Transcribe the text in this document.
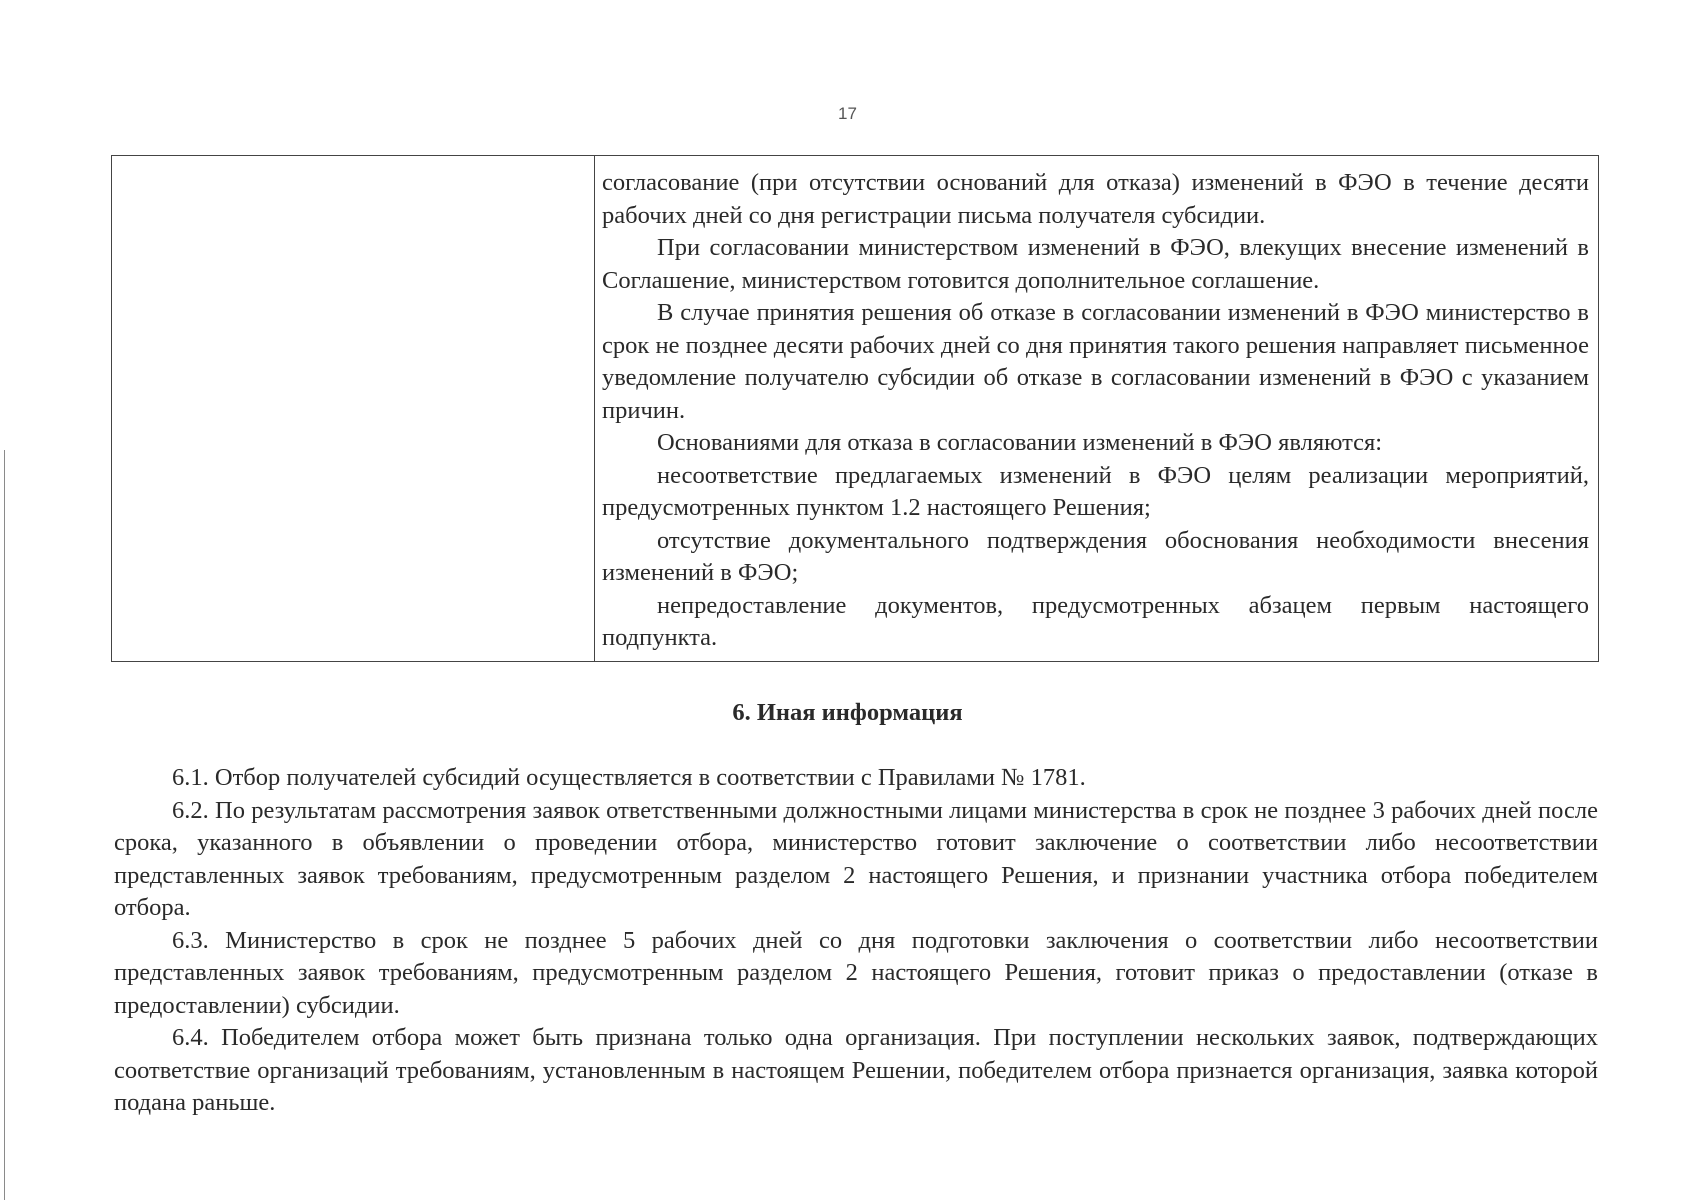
17

согласование (при отсутствии оснований для отказа) изменений в ФЭО в течение десяти рабочих дней со дня регистрации письма получателя субсидии.

При согласовании министерством изменений в ФЭО, влекущих внесение изменений в Соглашение, министерством готовится дополнительное соглашение.

В случае принятия решения об отказе в согласовании изменений в ФЭО министерство в срок не позднее десяти рабочих дней со дня принятия такого решения направляет письменное уведомление получателю субсидии об отказе в согласовании изменений в ФЭО с указанием причин.

Основаниями для отказа в согласовании изменений в ФЭО являются:

несоответствие предлагаемых изменений в ФЭО целям реализации мероприятий, предусмотренных пунктом 1.2 настоящего Решения;

отсутствие документального подтверждения обоснования необходимости внесения изменений в ФЭО;

непредоставление документов, предусмотренных абзацем первым настоящего подпункта.

6. Иная информация

6.1. Отбор получателей субсидий осуществляется в соответствии с Правилами № 1781.

6.2. По результатам рассмотрения заявок ответственными должностными лицами министерства в срок не позднее 3 рабочих дней после срока, указанного в объявлении о проведении отбора, министерство готовит заключение о соответствии либо несоответствии представленных заявок требованиям, предусмотренным разделом 2 настоящего Решения, и признании участника отбора победителем отбора.

6.3. Министерство в срок не позднее 5 рабочих дней со дня подготовки заключения о соответствии либо несоответствии представленных заявок требованиям, предусмотренным разделом 2 настоящего Решения, готовит приказ о предоставлении (отказе в предоставлении) субсидии.

6.4. Победителем отбора может быть признана только одна организация. При поступлении нескольких заявок, подтверждающих соответствие организаций требованиям, установленным в настоящем Решении, победителем отбора признается организация, заявка которой подана раньше.
